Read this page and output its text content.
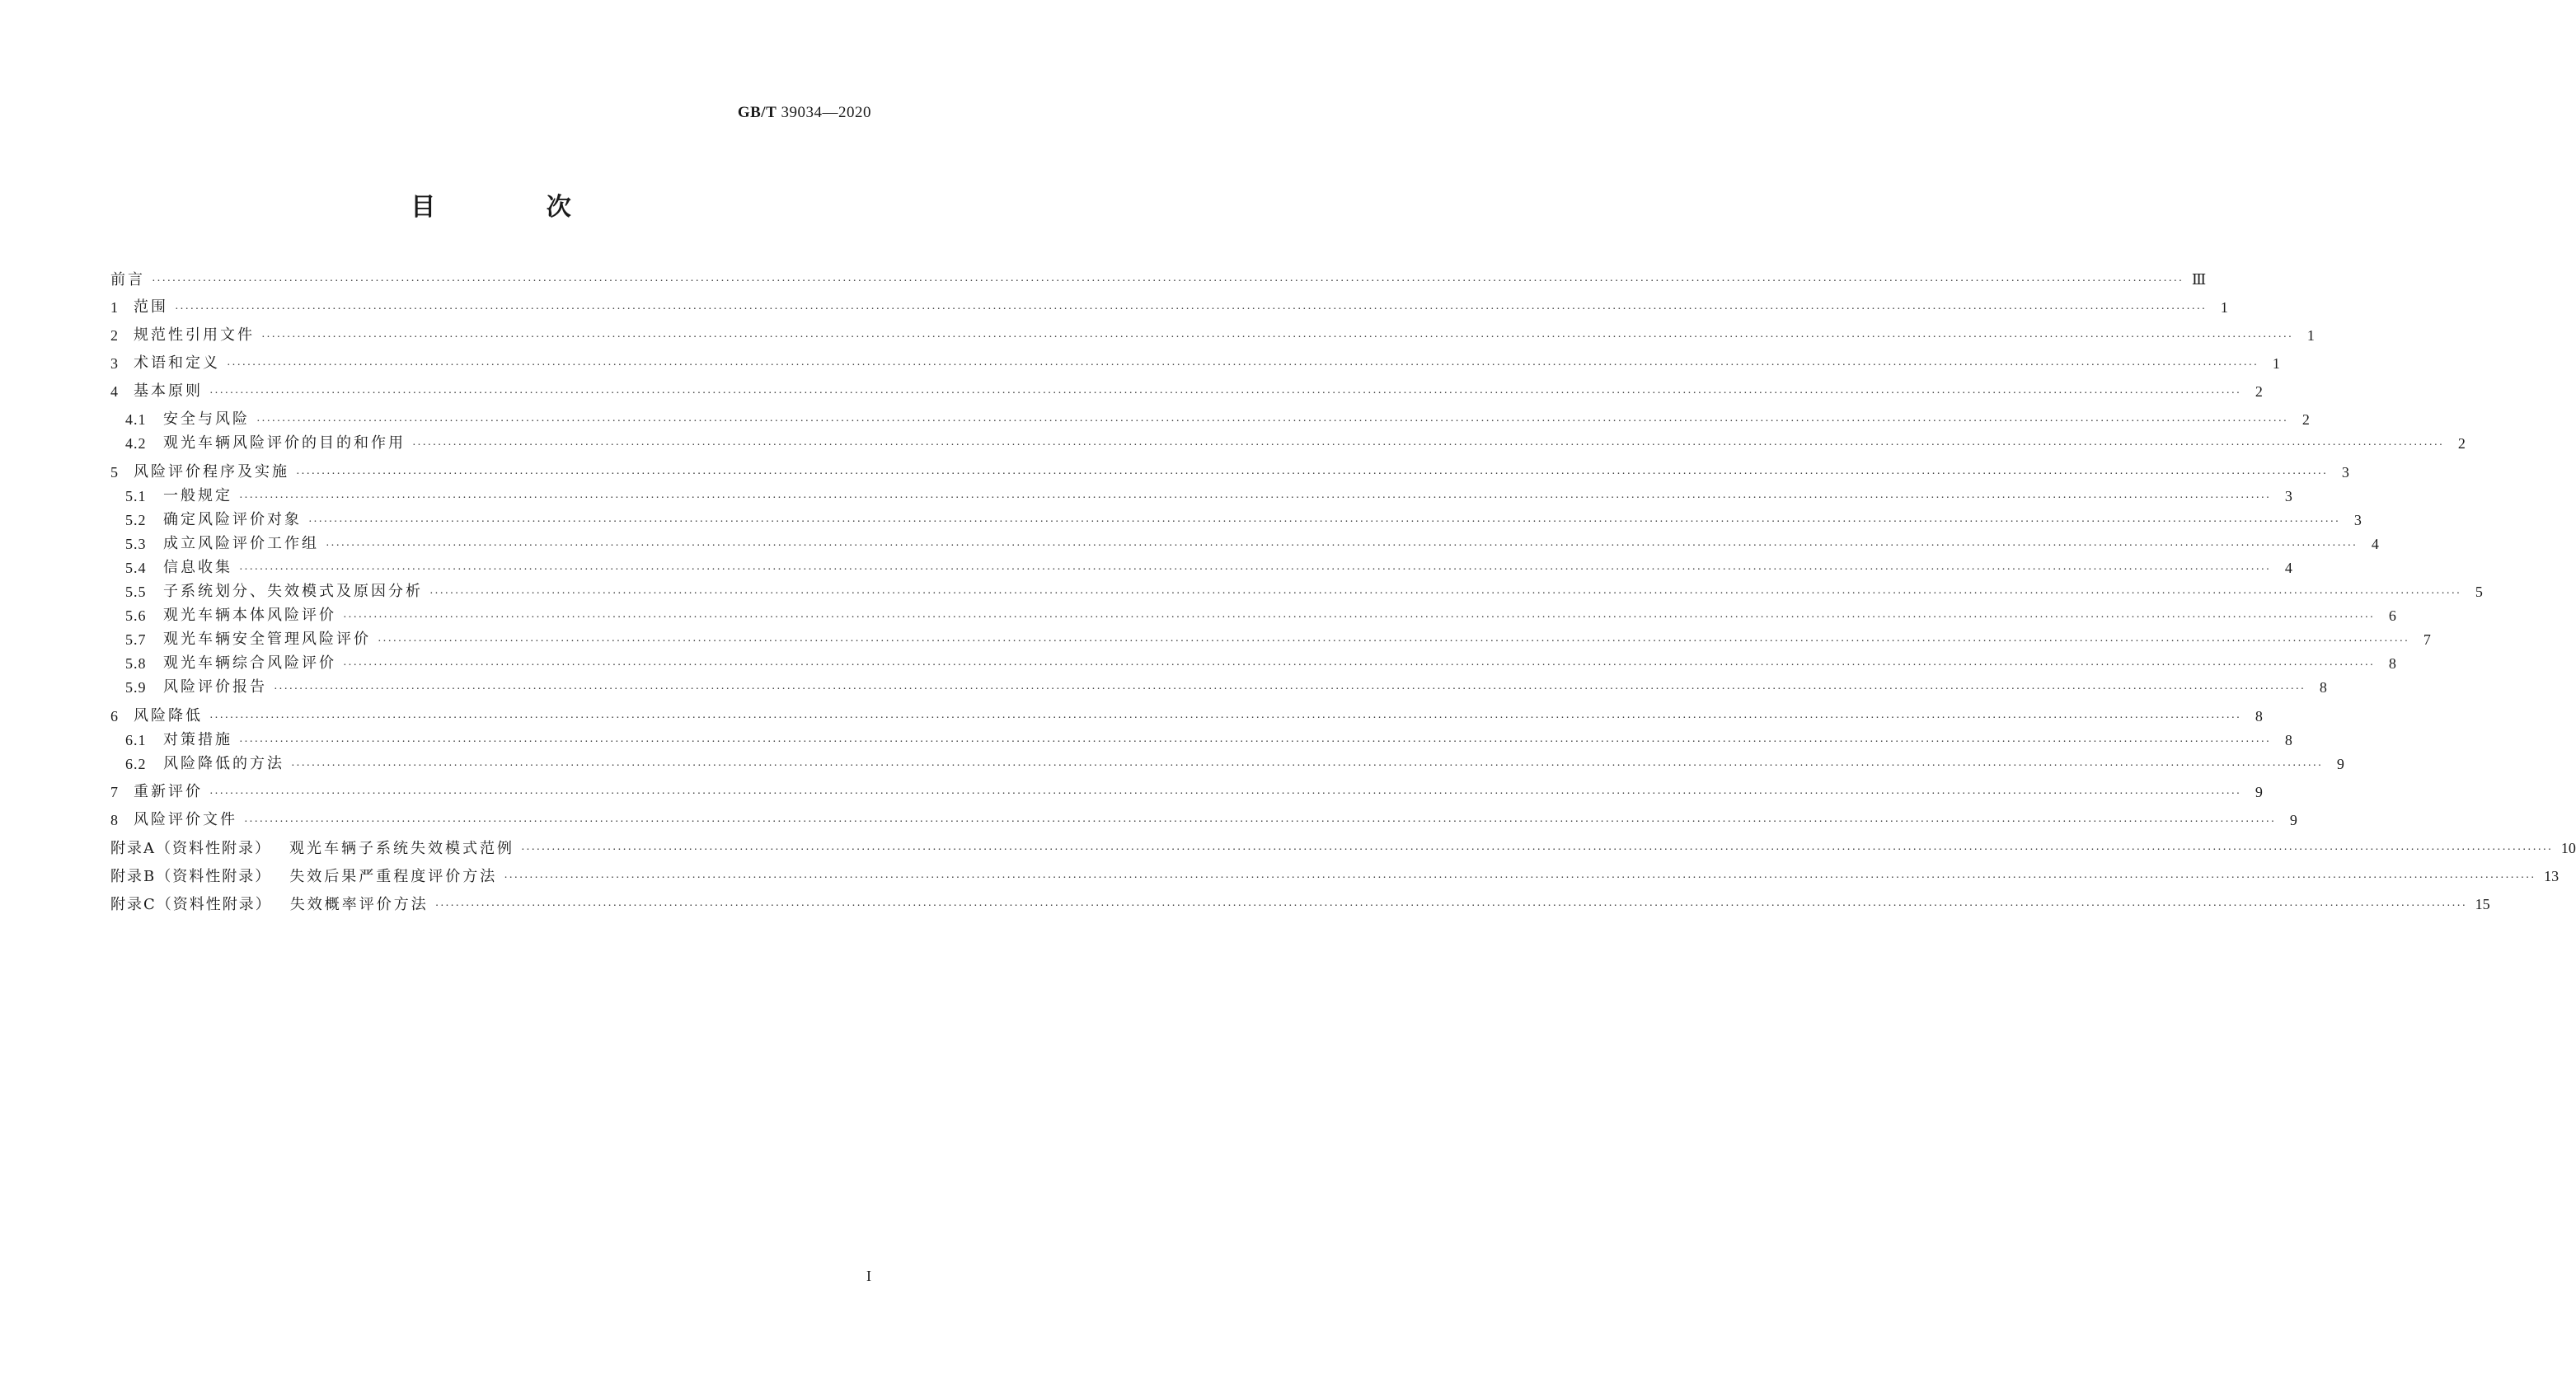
GB/T 39034—2020
目 次
前言 ················································································································································································································································································································································································································ Ⅲ
1	范围 ················································································································································································································································································································································································································ 1
2	规范性引用文件 ················································································································································································································································································································································································································ 1
3	术语和定义 ················································································································································································································································································································································································································ 1
4	基本原则 ················································································································································································································································································································································································································ 2
4.1	安全与风险 ················································································································································································································································································································································································································ 2
4.2	观光车辆风险评价的目的和作用 ················································································································································································································································································································································································································ 2
5	风险评价程序及实施 ················································································································································································································································································································································································································ 3
5.1	一般规定 ················································································································································································································································································································································································································ 3
5.2	确定风险评价对象 ················································································································································································································································································································································································································ 3
5.3	成立风险评价工作组 ················································································································································································································································································································································································································ 4
5.4	信息收集 ················································································································································································································································································································································································································ 4
5.5	子系统划分、失效模式及原因分析 ················································································································································································································································································································································································································ 5
5.6	观光车辆本体风险评价 ················································································································································································································································································································································································································ 6
5.7	观光车辆安全管理风险评价 ················································································································································································································································································································································································································ 7
5.8	观光车辆综合风险评价 ················································································································································································································································································································································································································ 8
5.9	风险评价报告 ················································································································································································································································································································································································································ 8
6	风险降低 ················································································································································································································································································································································································································ 8
6.1	对策措施 ················································································································································································································································································································································································································ 8
6.2	风险降低的方法 ················································································································································································································································································································································································································ 9
7	重新评价 ················································································································································································································································································································································································································ 9
8	风险评价文件 ················································································································································································································································································································································································································ 9
附录A（资料性附录） 观光车辆子系统失效模式范例 ················································································································································································································································································································································································································ 10
附录B（资料性附录） 失效后果严重程度评价方法 ················································································································································································································································································································································································································ 13
附录C（资料性附录） 失效概率评价方法 ················································································································································································································································································································································································································ 15
I
